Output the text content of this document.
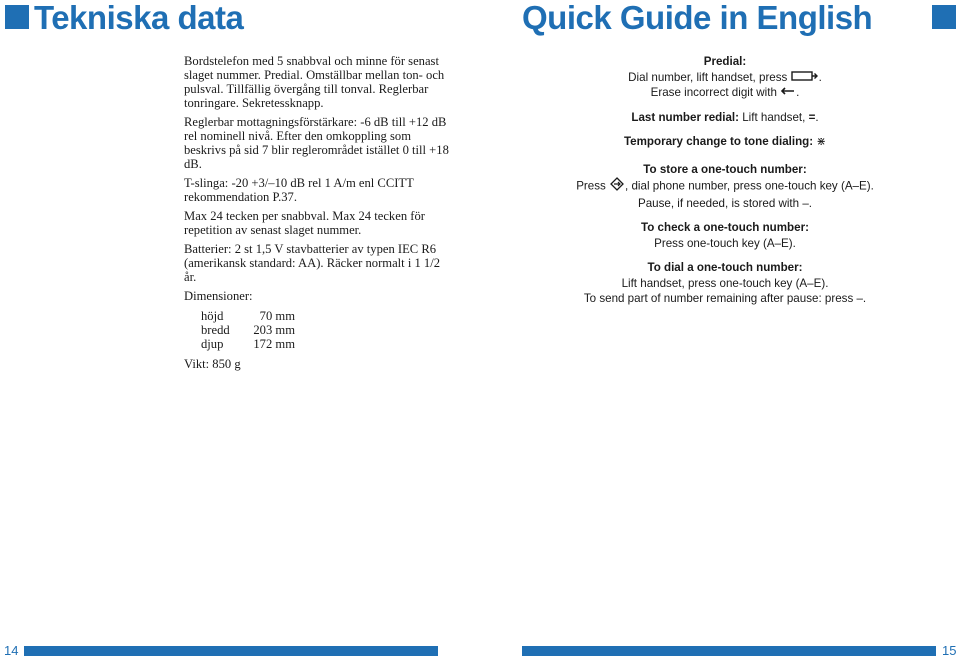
Tekniska data

Bordstelefon med 5 snabbval och minne för senast slaget nummer. Predial. Omställbar mellan ton- och pulsval. Tillfällig övergång till tonval. Reglerbar tonringare. Sekretessknapp.

Reglerbar mottagningsförstärkare: -6 dB till +12 dB rel nominell nivå. Efter den omkoppling som beskrivs på sid 7 blir reglerområdet istället 0 till +18 dB.

T-slinga: -20 +3/–10 dB rel 1 A/m enl CCITT rekommendation P.37.

Max 24 tecken per snabbval. Max 24 tecken för repetition av senast slaget nummer.

Batterier: 2 st 1,5 V stavbatterier av typen IEC R6 (amerikansk standard: AA). Räcker normalt i 1 1/2 år.

Dimensioner:

höjd	70 mm
bredd	203 mm
djup	172 mm

Vikt: 850 g

Quick Guide in English
Predial:
Dial number, lift handset, press .
Erase incorrect digit with .
Last number redial: Lift handset, =.
Temporary change to tone dialing: ⋇
To store a one-touch number:
Press , dial phone number, press one-touch key (A–E).
Pause, if needed, is stored with –.
To check a one-touch number:
Press one-touch key (A–E).
To dial a one-touch number:
Lift handset, press one-touch key (A–E).
To send part of number remaining after pause: press –.
14	15
